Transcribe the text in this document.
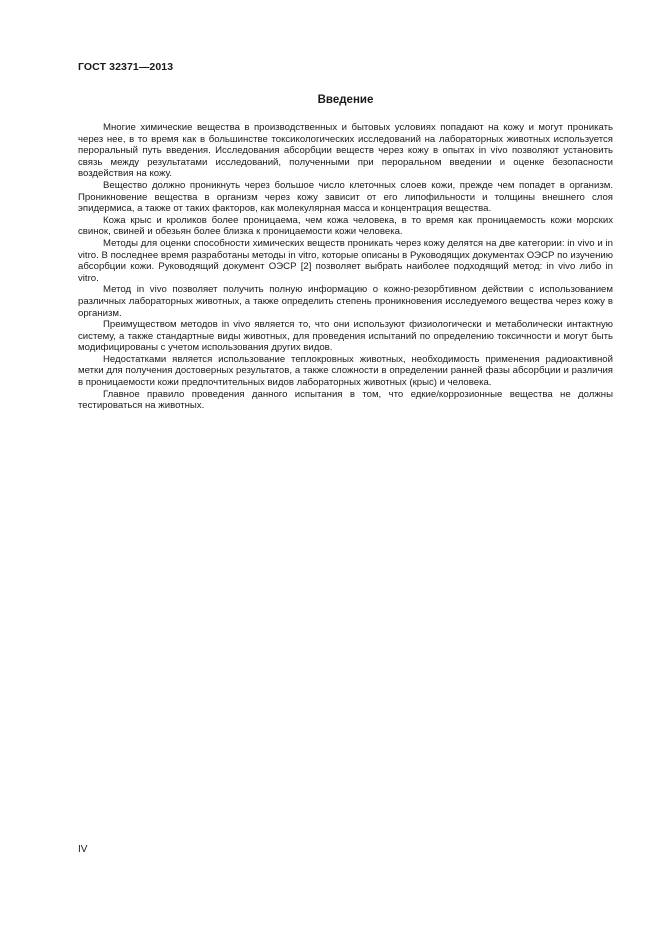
ГОСТ 32371—2013
Введение

Многие химические вещества в производственных и бытовых условиях попадают на кожу и могут проникать через нее, в то время как в большинстве токсикологических исследований на лабораторных животных используется пероральный путь введения. Исследования абсорбции веществ через кожу в опытах in vivo позволяют установить связь между результатами исследований, полученными при пероральном введении и оценке безопасности воздействия на кожу.

Вещество должно проникнуть через большое число клеточных слоев кожи, прежде чем попадет в организм. Проникновение вещества в организм через кожу зависит от его липофильности и толщины внешнего слоя эпидермиса, а также от таких факторов, как молекулярная масса и концентрация вещества.

Кожа крыс и кроликов более проницаема, чем кожа человека, в то время как проницаемость кожи морских свинок, свиней и обезьян более близка к проницаемости кожи человека.

Методы для оценки способности химических веществ проникать через кожу делятся на две категории: in vivo и in vitro. В последнее время разработаны методы in vitro, которые описаны в Руководящих документах ОЭСР по изучению абсорбции кожи. Руководящий документ ОЭСР [2] позволяет выбрать наиболее подходящий метод: in vivo либо in vitro.

Метод in vivo позволяет получить полную информацию о кожно-резорбтивном действии с использованием различных лабораторных животных, а также определить степень проникновения исследуемого вещества через кожу в организм.

Преимуществом методов in vivo является то, что они используют физиологически и метаболически интактную систему, а также стандартные виды животных, для проведения испытаний по определению токсичности и могут быть модифицированы с учетом использования других видов.

Недостатками является использование теплокровных животных, необходимость применения радиоактивной метки для получения достоверных результатов, а также сложности в определении ранней фазы абсорбции и различия в проницаемости кожи предпочтительных видов лабораторных животных (крыс) и человека.

Главное правило проведения данного испытания в том, что едкие/коррозионные вещества не должны тестироваться на животных.

IV
